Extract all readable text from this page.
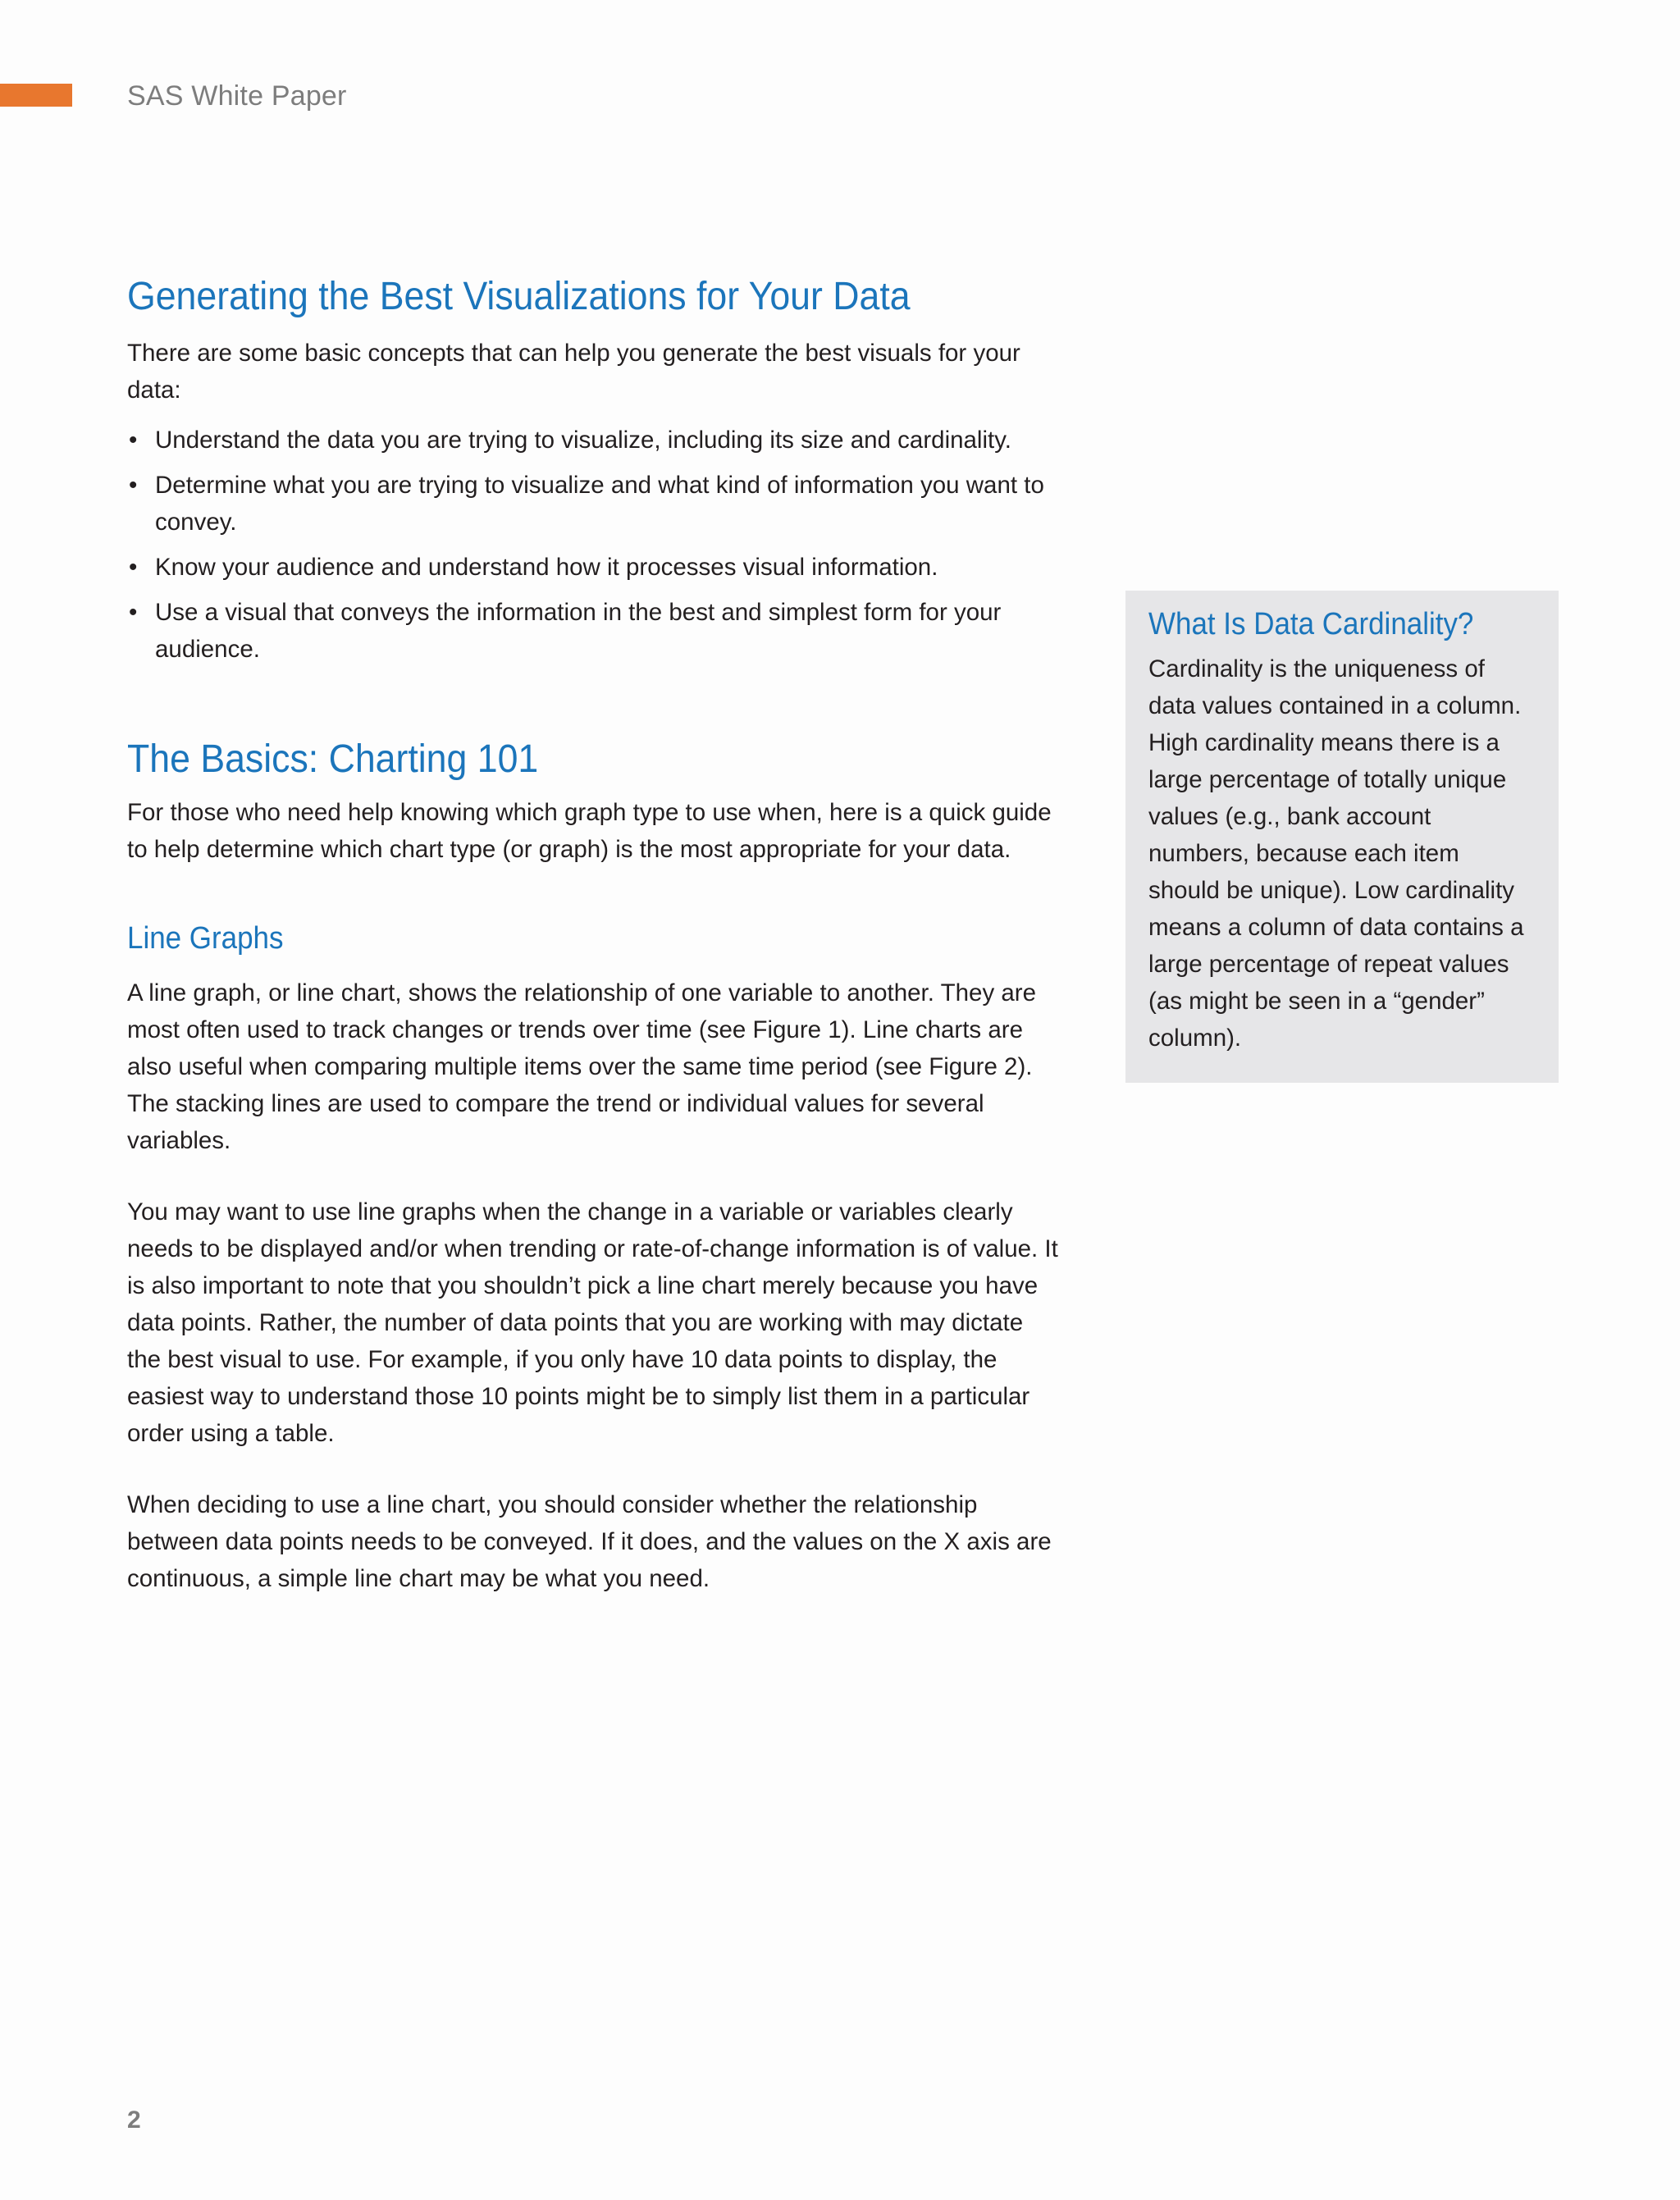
SAS White Paper
Generating the Best Visualizations for Your Data

There are some basic concepts that can help you generate the best visuals for your data:

• Understand the data you are trying to visualize, including its size and cardinality.
• Determine what you are trying to visualize and what kind of information you want to convey.
• Know your audience and understand how it processes visual information.
• Use a visual that conveys the information in the best and simplest form for your audience.
The Basics: Charting 101

For those who need help knowing which graph type to use when, here is a quick guide to help determine which chart type (or graph) is the most appropriate for your data.

Line Graphs

A line graph, or line chart, shows the relationship of one variable to another. They are most often used to track changes or trends over time (see Figure 1). Line charts are also useful when comparing multiple items over the same time period (see Figure 2). The stacking lines are used to compare the trend or individual values for several variables.

You may want to use line graphs when the change in a variable or variables clearly needs to be displayed and/or when trending or rate-of-change information is of value. It is also important to note that you shouldn’t pick a line chart merely because you have data points. Rather, the number of data points that you are working with may dictate the best visual to use. For example, if you only have 10 data points to display, the easiest way to understand those 10 points might be to simply list them in a particular order using a table.

When deciding to use a line chart, you should consider whether the relationship between data points needs to be conveyed. If it does, and the values on the X axis are continuous, a simple line chart may be what you need.

What Is Data Cardinality?

Cardinality is the uniqueness of data values contained in a column. High cardinality means there is a large percentage of totally unique values (e.g., bank account numbers, because each item should be unique). Low cardinality means a column of data contains a large percentage of repeat values (as might be seen in a “gender” column).

2
